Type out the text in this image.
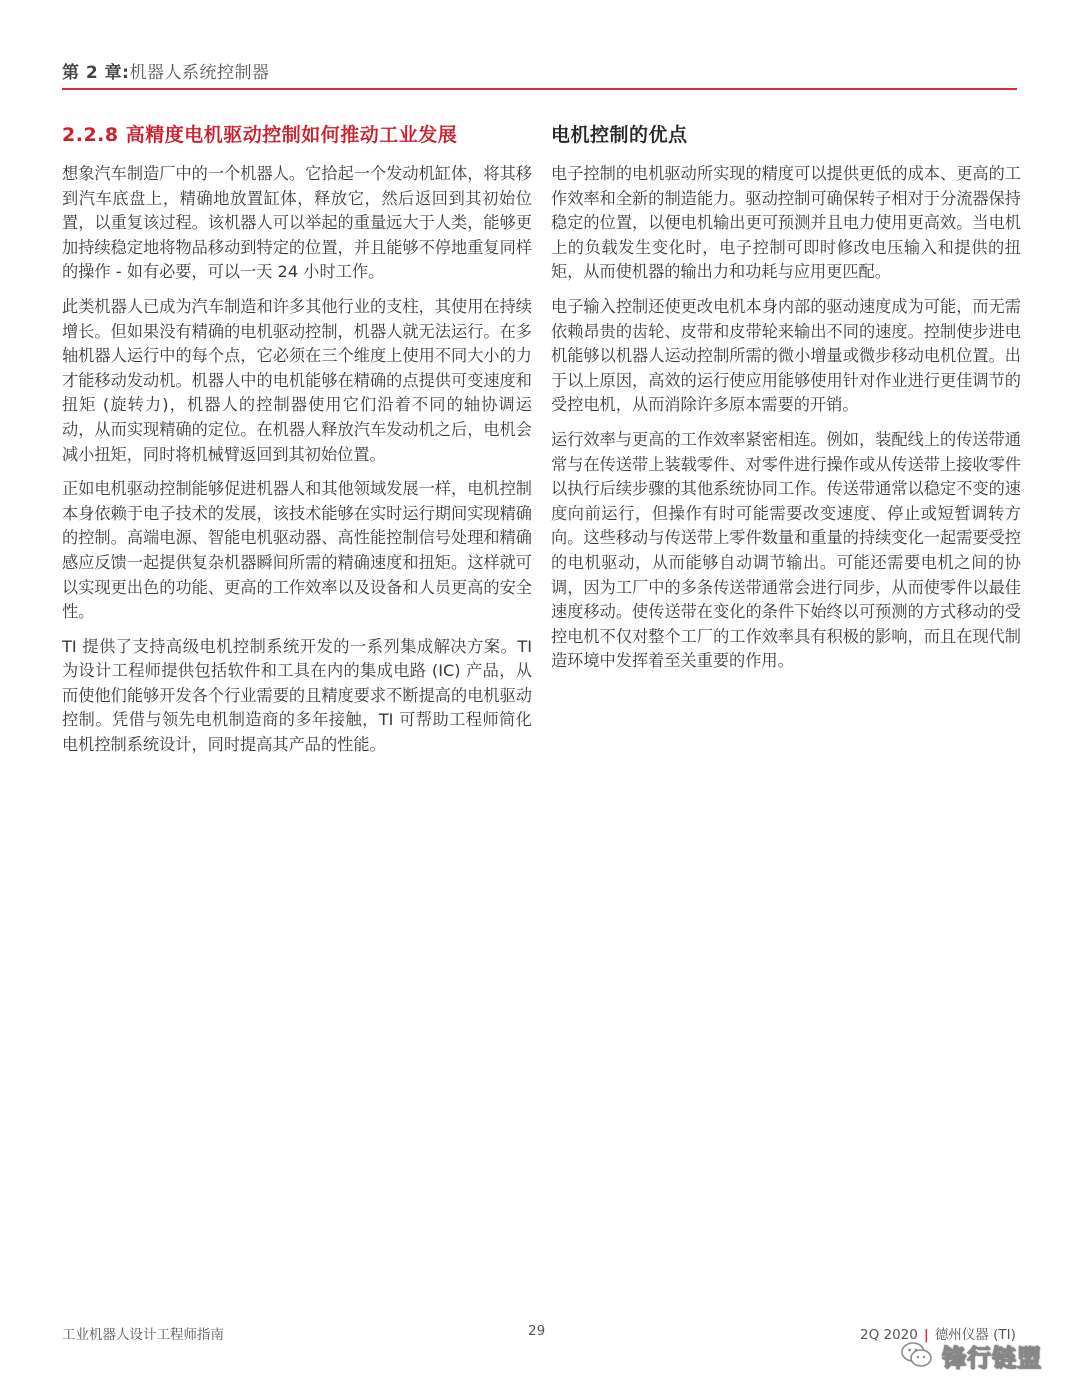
第 2 章:机器人系统控制器
2.2.8 高精度电机驱动控制如何推动工业发展

想象汽车制造厂中的一个机器人。它拾起一个发动机缸体，将其移到汽车底盘上，精确地放置缸体，释放它，然后返回到其初始位置，以重复该过程。该机器人可以举起的重量远大于人类，能够更加持续稳定地将物品移动到特定的位置，并且能够不停地重复同样的操作 - 如有必要，可以一天 24 小时工作。

此类机器人已成为汽车制造和许多其他行业的支柱，其使用在持续增长。但如果没有精确的电机驱动控制，机器人就无法运行。在多轴机器人运行中的每个点，它必须在三个维度上使用不同大小的力才能移动发动机。机器人中的电机能够在精确的点提供可变速度和扭矩 (旋转力)，机器人的控制器使用它们沿着不同的轴协调运动，从而实现精确的定位。在机器人释放汽车发动机之后，电机会减小扭矩，同时将机械臂返回到其初始位置。

正如电机驱动控制能够促进机器人和其他领域发展一样，电机控制本身依赖于电子技术的发展，该技术能够在实时运行期间实现精确的控制。高端电源、智能电机驱动器、高性能控制信号处理和精确感应反馈一起提供复杂机器瞬间所需的精确速度和扭矩。这样就可以实现更出色的功能、更高的工作效率以及设备和人员更高的安全性。

TI 提供了支持高级电机控制系统开发的一系列集成解决方案。TI 为设计工程师提供包括软件和工具在内的集成电路 (IC) 产品，从而使他们能够开发各个行业需要的且精度要求不断提高的电机驱动控制。凭借与领先电机制造商的多年接触，TI 可帮助工程师简化电机控制系统设计，同时提高其产品的性能。

电机控制的优点

电子控制的电机驱动所实现的精度可以提供更低的成本、更高的工作效率和全新的制造能力。驱动控制可确保转子相对于分流器保持稳定的位置，以便电机输出更可预测并且电力使用更高效。当电机上的负载发生变化时，电子控制可即时修改电压输入和提供的扭矩，从而使机器的输出力和功耗与应用更匹配。

电子输入控制还使更改电机本身内部的驱动速度成为可能，而无需依赖昂贵的齿轮、皮带和皮带轮来输出不同的速度。控制使步进电机能够以机器人运动控制所需的微小增量或微步移动电机位置。出于以上原因，高效的运行使应用能够使用针对作业进行更佳调节的受控电机，从而消除许多原本需要的开销。

运行效率与更高的工作效率紧密相连。例如，装配线上的传送带通常与在传送带上装载零件、对零件进行操作或从传送带上接收零件以执行后续步骤的其他系统协同工作。传送带通常以稳定不变的速度向前运行，但操作有时可能需要改变速度、停止或短暂调转方向。这些移动与传送带上零件数量和重量的持续变化一起需要受控的电机驱动，从而能够自动调节输出。可能还需要电机之间的协调，因为工厂中的多条传送带通常会进行同步，从而使零件以最佳速度移动。使传送带在变化的条件下始终以可预测的方式移动的受控电机不仅对整个工厂的工作效率具有积极的影响，而且在现代制造环境中发挥着至关重要的作用。

工业机器人设计工程师指南	29	2Q 2020 | 德州仪器 (TI)
锋行链盟
